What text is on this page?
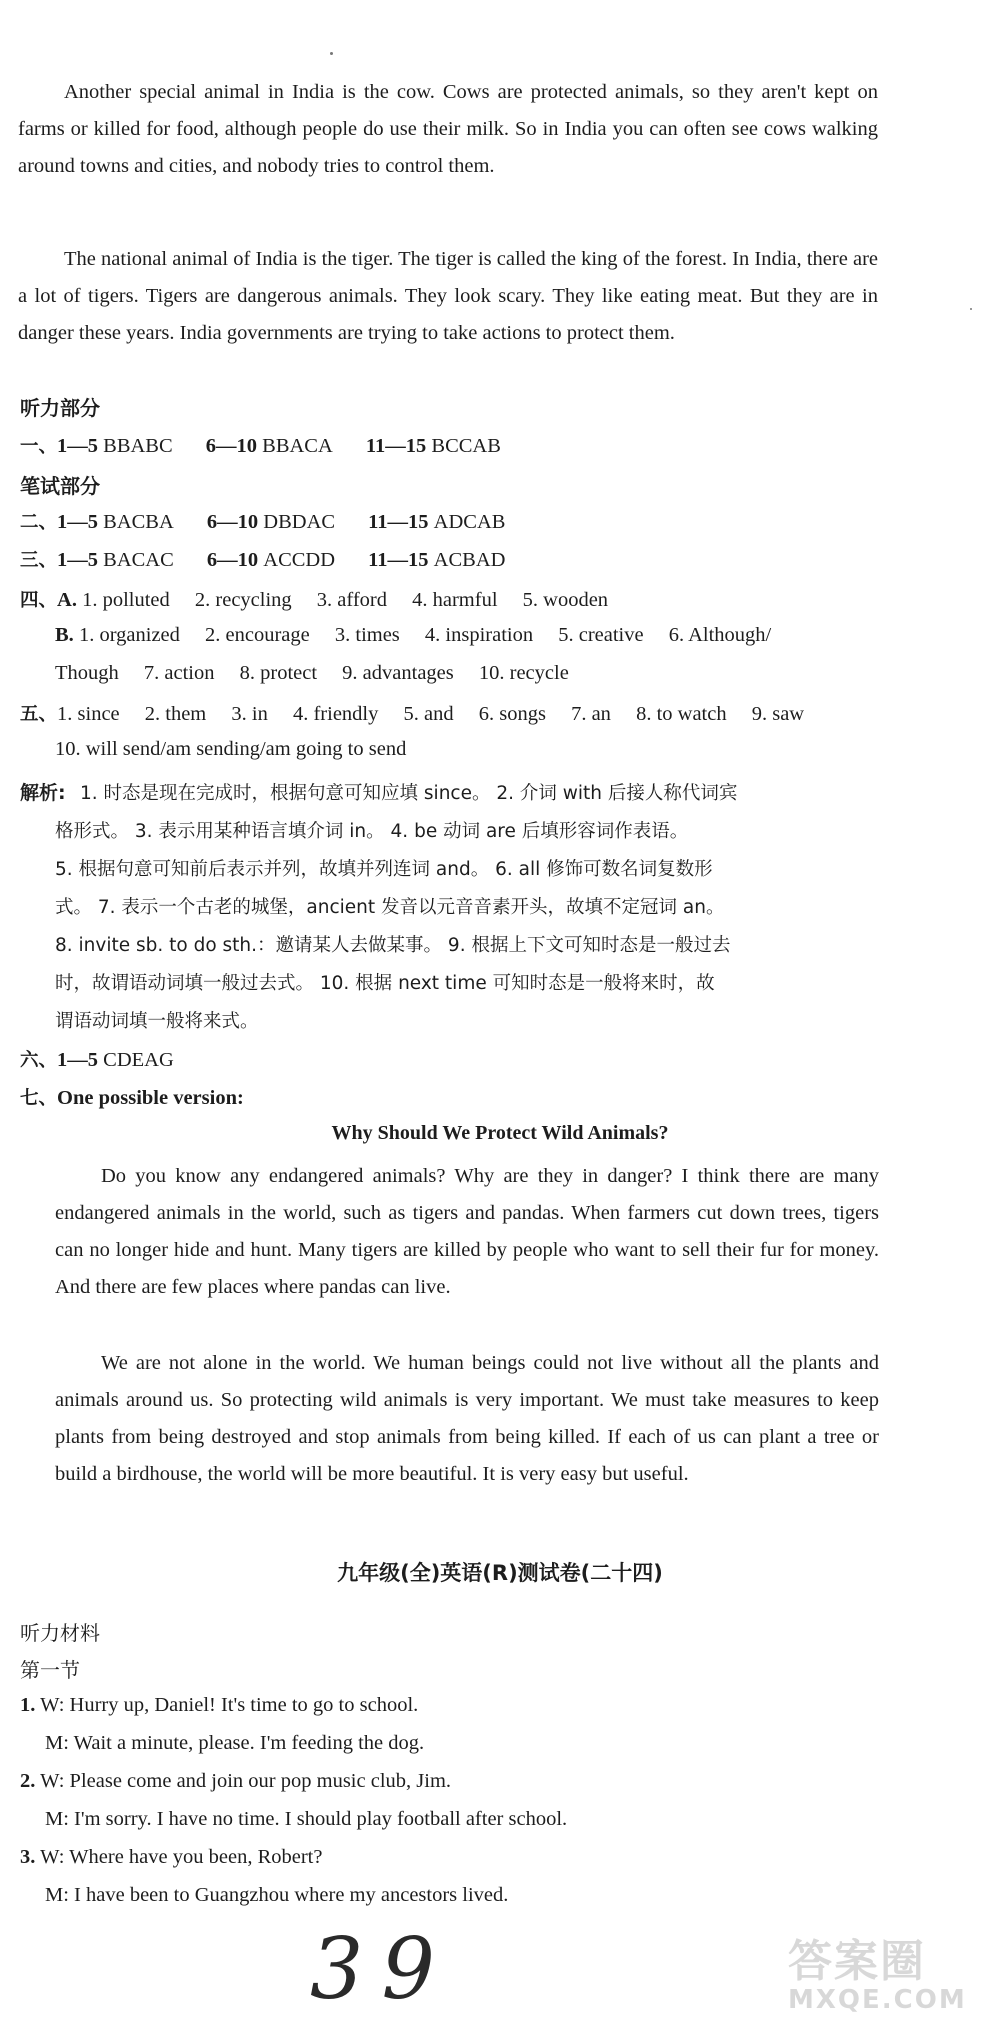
Another special animal in India is the cow. Cows are protected animals, so they aren't kept on farms or killed for food, although people do use their milk. So in India you can often see cows walking around towns and cities, and nobody tries to control them.

The national animal of India is the tiger. The tiger is called the king of the forest. In India, there are a lot of tigers. Tigers are dangerous animals. They look scary. They like eating meat. But they are in danger these years. India governments are trying to take actions to protect them.

听力部分
一、1—5 BBABC 6—10 BBACA 11—15 BCCAB
笔试部分
二、1—5 BACBA 6—10 DBDAC 11—15 ADCAB
三、1—5 BACAC 6—10 ACCDD 11—15 ACBAD
四、A. 1. polluted 2. recycling 3. afford 4. harmful 5. wooden
B. 1. organized 2. encourage 3. times 4. inspiration 5. creative 6. Although/
Though 7. action 8. protect 9. advantages 10. recycle
五、1. since 2. them 3. in 4. friendly 5. and 6. songs 7. an 8. to watch 9. saw
10. will send/am sending/am going to send
解析: 1. 时态是现在完成时，根据句意可知应填 since。 2. 介词 with 后接人称代词宾
格形式。 3. 表示用某种语言填介词 in。 4. be 动词 are 后填形容词作表语。
5. 根据句意可知前后表示并列，故填并列连词 and。 6. all 修饰可数名词复数形
式。 7. 表示一个古老的城堡，ancient 发音以元音音素开头，故填不定冠词 an。
8. invite sb. to do sth.：邀请某人去做某事。 9. 根据上下文可知时态是一般过去
时，故谓语动词填一般过去式。 10. 根据 next time 可知时态是一般将来时，故
谓语动词填一般将来式。
六、1—5 CDEAG
七、One possible version:
Why Should We Protect Wild Animals?

Do you know any endangered animals? Why are they in danger? I think there are many endangered animals in the world, such as tigers and pandas. When farmers cut down trees, tigers can no longer hide and hunt. Many tigers are killed by people who want to sell their fur for money. And there are few places where pandas can live.

We are not alone in the world. We human beings could not live without all the plants and animals around us. So protecting wild animals is very important. We must take measures to keep plants from being destroyed and stop animals from being killed. If each of us can plant a tree or build a birdhouse, the world will be more beautiful. It is very easy but useful.

九年级(全)英语(R)测试卷(二十四)
听力材料
第一节
1. W: Hurry up, Daniel! It's time to go to school.
M: Wait a minute, please. I'm feeding the dog.
2. W: Please come and join our pop music club, Jim.
M: I'm sorry. I have no time. I should play football after school.
3. W: Where have you been, Robert?
M: I have been to Guangzhou where my ancestors lived.
39	答案圈
MXQE.COM
